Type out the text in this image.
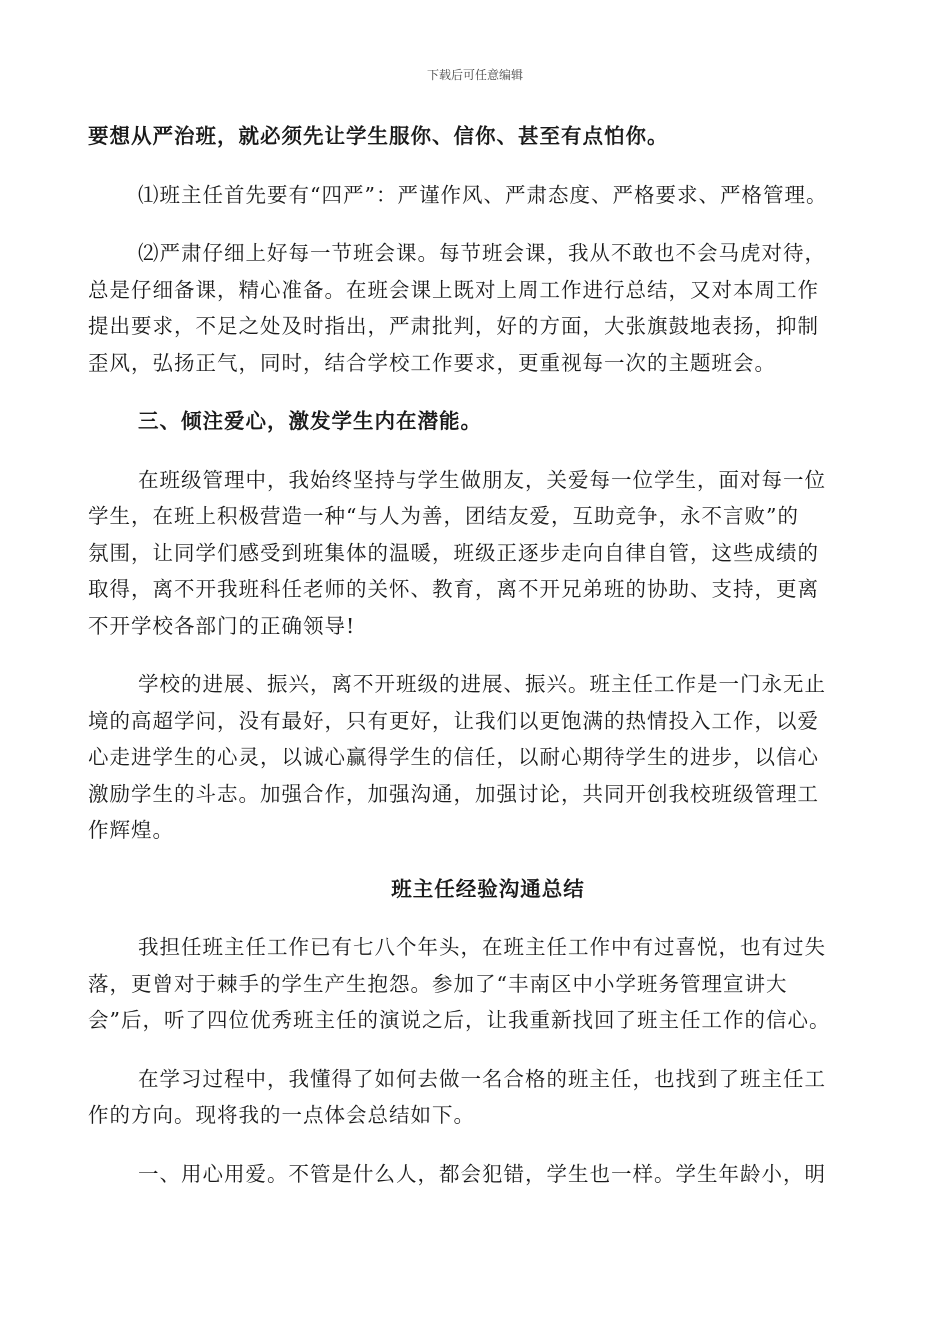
下载后可任意编辑
要想从严治班，就必须先让学生服你、信你、甚至有点怕你。
⑴班主任首先要有“四严”：严谨作风、严肃态度、严格要求、严格管理。
⑵严肃仔细上好每一节班会课。每节班会课，我从不敢也不会马虎对待，
总是仔细备课，精心准备。在班会课上既对上周工作进行总结，又对本周工作
提出要求，不足之处及时指出，严肃批判，好的方面，大张旗鼓地表扬，抑制
歪风，弘扬正气，同时，结合学校工作要求，更重视每一次的主题班会。
三、倾注爱心，激发学生内在潜能。
在班级管理中，我始终坚持与学生做朋友，关爱每一位学生，面对每一位
学生，在班上积极营造一种“与人为善，团结友爱，互助竞争，永不言败”的
氛围，让同学们感受到班集体的温暖，班级正逐步走向自律自管，这些成绩的
取得，离不开我班科任老师的关怀、教育，离不开兄弟班的协助、支持，更离
不开学校各部门的正确领导!
学校的进展、振兴，离不开班级的进展、振兴。班主任工作是一门永无止
境的高超学问，没有最好，只有更好，让我们以更饱满的热情投入工作，以爱
心走进学生的心灵，以诚心赢得学生的信任，以耐心期待学生的进步，以信心
激励学生的斗志。加强合作，加强沟通，加强讨论，共同开创我校班级管理工
作辉煌。
班主任经验沟通总结
我担任班主任工作已有七八个年头，在班主任工作中有过喜悦，也有过失
落，更曾对于棘手的学生产生抱怨。参加了“丰南区中小学班务管理宣讲大
会”后，听了四位优秀班主任的演说之后，让我重新找回了班主任工作的信心。
在学习过程中，我懂得了如何去做一名合格的班主任，也找到了班主任工
作的方向。现将我的一点体会总结如下。
一、用心用爱。不管是什么人，都会犯错，学生也一样。学生年龄小，明
